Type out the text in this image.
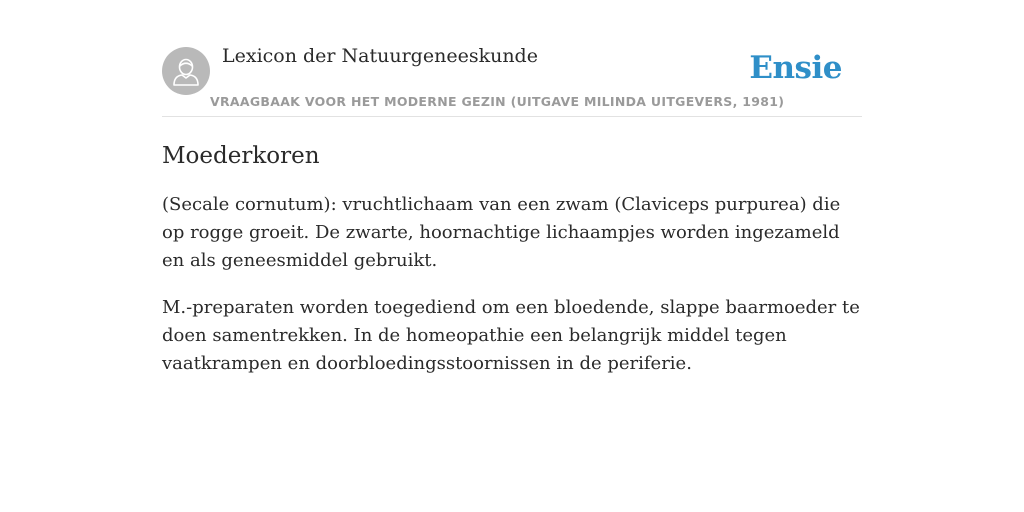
Lexicon der Natuurgeneeskunde
VRAAGBAAK VOOR HET MODERNE GEZIN (UITGAVE MILINDA UITGEVERS, 1981)
Ensie
Moederkoren

(Secale cornutum): vruchtlichaam van een zwam (Claviceps purpurea) die op rogge groeit. De zwarte, hoornachtige lichaampjes worden ingezameld en als geneesmiddel gebruikt.

M.-preparaten worden toegediend om een bloedende, slappe baarmoeder te doen samentrekken. In de homeopathie een belangrijk middel tegen vaatkrampen en doorbloedingsstoornissen in de periferie.
